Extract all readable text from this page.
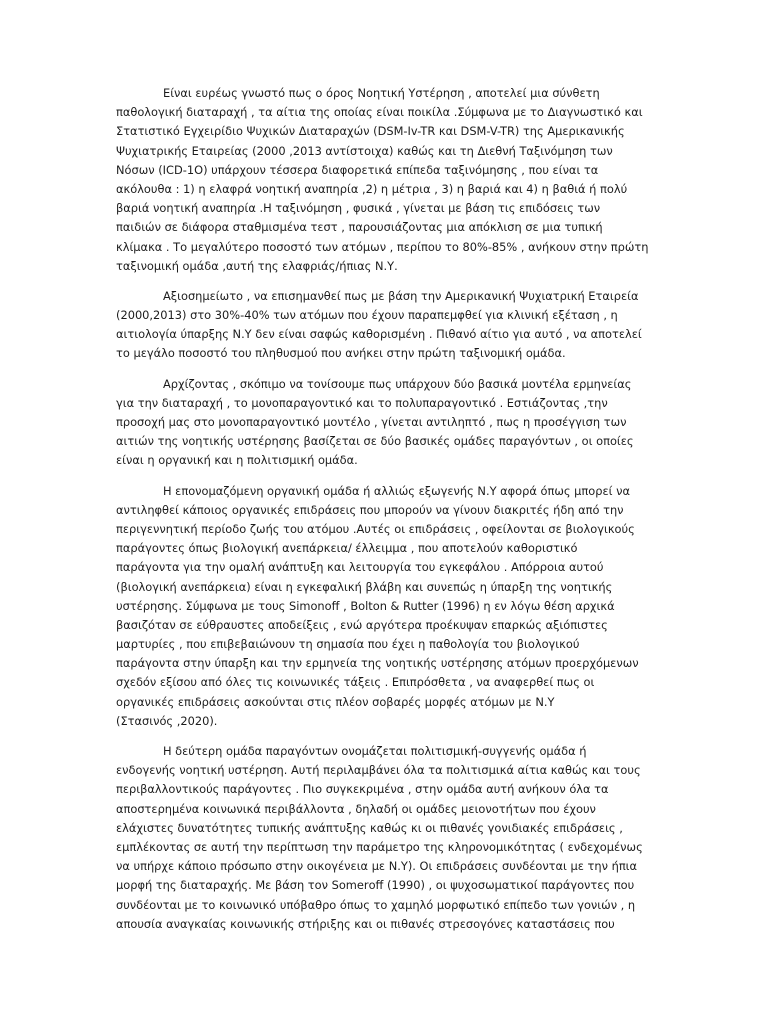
Είναι ευρέως γνωστό πως ο όρος Νοητική Υστέρηση , αποτελεί μια σύνθετη
παθολογική διαταραχή , τα αίτια της οποίας είναι ποικίλα .Σύμφωνα με το Διαγνωστικό και
Στατιστικό Εγχειρίδιο Ψυχικών Διαταραχών (DSM-Iv-TR και DSM-V-TR) της Αμερικανικής
Ψυχιατρικής Εταιρείας (2000 ,2013 αντίστοιχα) καθώς και τη Διεθνή Ταξινόμηση των
Νόσων (ICD-1O) υπάρχουν τέσσερα διαφορετικά επίπεδα ταξινόμησης , που είναι τα
ακόλουθα : 1) η ελαφρά νοητική αναπηρία ,2) η μέτρια , 3) η βαριά και 4) η βαθιά ή πολύ
βαριά νοητική αναπηρία .Η ταξινόμηση , φυσικά , γίνεται με βάση τις επιδόσεις των
παιδιών σε διάφορα σταθμισμένα τεστ , παρουσιάζοντας μια απόκλιση σε μια τυπική
κλίμακα . Το μεγαλύτερο ποσοστό των ατόμων , περίπου το 80%-85% , ανήκουν στην πρώτη
ταξινομική ομάδα ,αυτή της ελαφριάς/ήπιας Ν.Υ.
Αξιοσημείωτο , να επισημανθεί πως με βάση την Αμερικανική Ψυχιατρική Εταιρεία
(2000,2013) στο 30%-40% των ατόμων που έχουν παραπεμφθεί για κλινική εξέταση , η
αιτιολογία ύπαρξης Ν.Υ δεν είναι σαφώς καθορισμένη . Πιθανό αίτιο για αυτό , να αποτελεί
το μεγάλο ποσοστό του πληθυσμού που ανήκει στην πρώτη ταξινομική ομάδα.
Αρχίζοντας , σκόπιμο να τονίσουμε πως υπάρχουν δύο βασικά μοντέλα ερμηνείας
για την διαταραχή , το μονοπαραγοντικό και το πολυπαραγοντικό . Εστιάζοντας ,την
προσοχή μας στο μονοπαραγοντικό μοντέλο , γίνεται αντιληπτό , πως η προσέγγιση των
αιτιών της νοητικής υστέρησης βασίζεται σε δύο βασικές ομάδες παραγόντων , οι οποίες
είναι η οργανική και η πολιτισμική ομάδα.
Η επονομαζόμενη οργανική ομάδα ή αλλιώς εξωγενής Ν.Υ αφορά όπως μπορεί να
αντιληφθεί κάποιος οργανικές επιδράσεις που μπορούν να γίνουν διακριτές ήδη από την
περιγεννητική περίοδο ζωής του ατόμου .Αυτές οι επιδράσεις , οφείλονται σε βιολογικούς
παράγοντες όπως βιολογική ανεπάρκεια/ έλλειμμα , που αποτελούν καθοριστικό
παράγοντα για την ομαλή ανάπτυξη και λειτουργία του εγκεφάλου . Απόρροια αυτού
(βιολογική ανεπάρκεια) είναι η εγκεφαλική βλάβη και συνεπώς η ύπαρξη της νοητικής
υστέρησης. Σύμφωνα με τους Simonoff , Bolton & Rutter (1996) η εν λόγω θέση αρχικά
βασιζόταν σε εύθραυστες αποδείξεις , ενώ αργότερα προέκυψαν επαρκώς αξιόπιστες
μαρτυρίες , που επιβεβαιώνουν τη σημασία που έχει η παθολογία του βιολογικού
παράγοντα στην ύπαρξη και την ερμηνεία της νοητικής υστέρησης ατόμων προερχόμενων
σχεδόν εξίσου από όλες τις κοινωνικές τάξεις . Επιπρόσθετα , να αναφερθεί πως οι
οργανικές επιδράσεις ασκούνται στις πλέον σοβαρές μορφές ατόμων με Ν.Υ
(Στασινός ,2020).
Η δεύτερη ομάδα παραγόντων ονομάζεται πολιτισμική-συγγενής ομάδα ή
ενδογενής νοητική υστέρηση. Αυτή περιλαμβάνει όλα τα πολιτισμικά αίτια καθώς και τους
περιβαλλοντικούς παράγοντες . Πιο συγκεκριμένα , στην ομάδα αυτή ανήκουν όλα τα
αποστερημένα κοινωνικά περιβάλλοντα , δηλαδή οι ομάδες μειονοτήτων που έχουν
ελάχιστες δυνατότητες τυπικής ανάπτυξης καθώς κι οι πιθανές γονιδιακές επιδράσεις ,
εμπλέκοντας σε αυτή την περίπτωση την παράμετρο της κληρονομικότητας ( ενδεχομένως
να υπήρχε κάποιο πρόσωπο στην οικογένεια με Ν.Υ). Οι επιδράσεις συνδέονται με την ήπια
μορφή της διαταραχής. Με βάση τον Somerοff (1990) , οι ψυχοσωματικοί παράγοντες που
συνδέονται με το κοινωνικό υπόβαθρο όπως το χαμηλό μορφωτικό επίπεδο των γονιών , η
απουσία αναγκαίας κοινωνικής στήριξης και οι πιθανές στρεσογόνες καταστάσεις που
